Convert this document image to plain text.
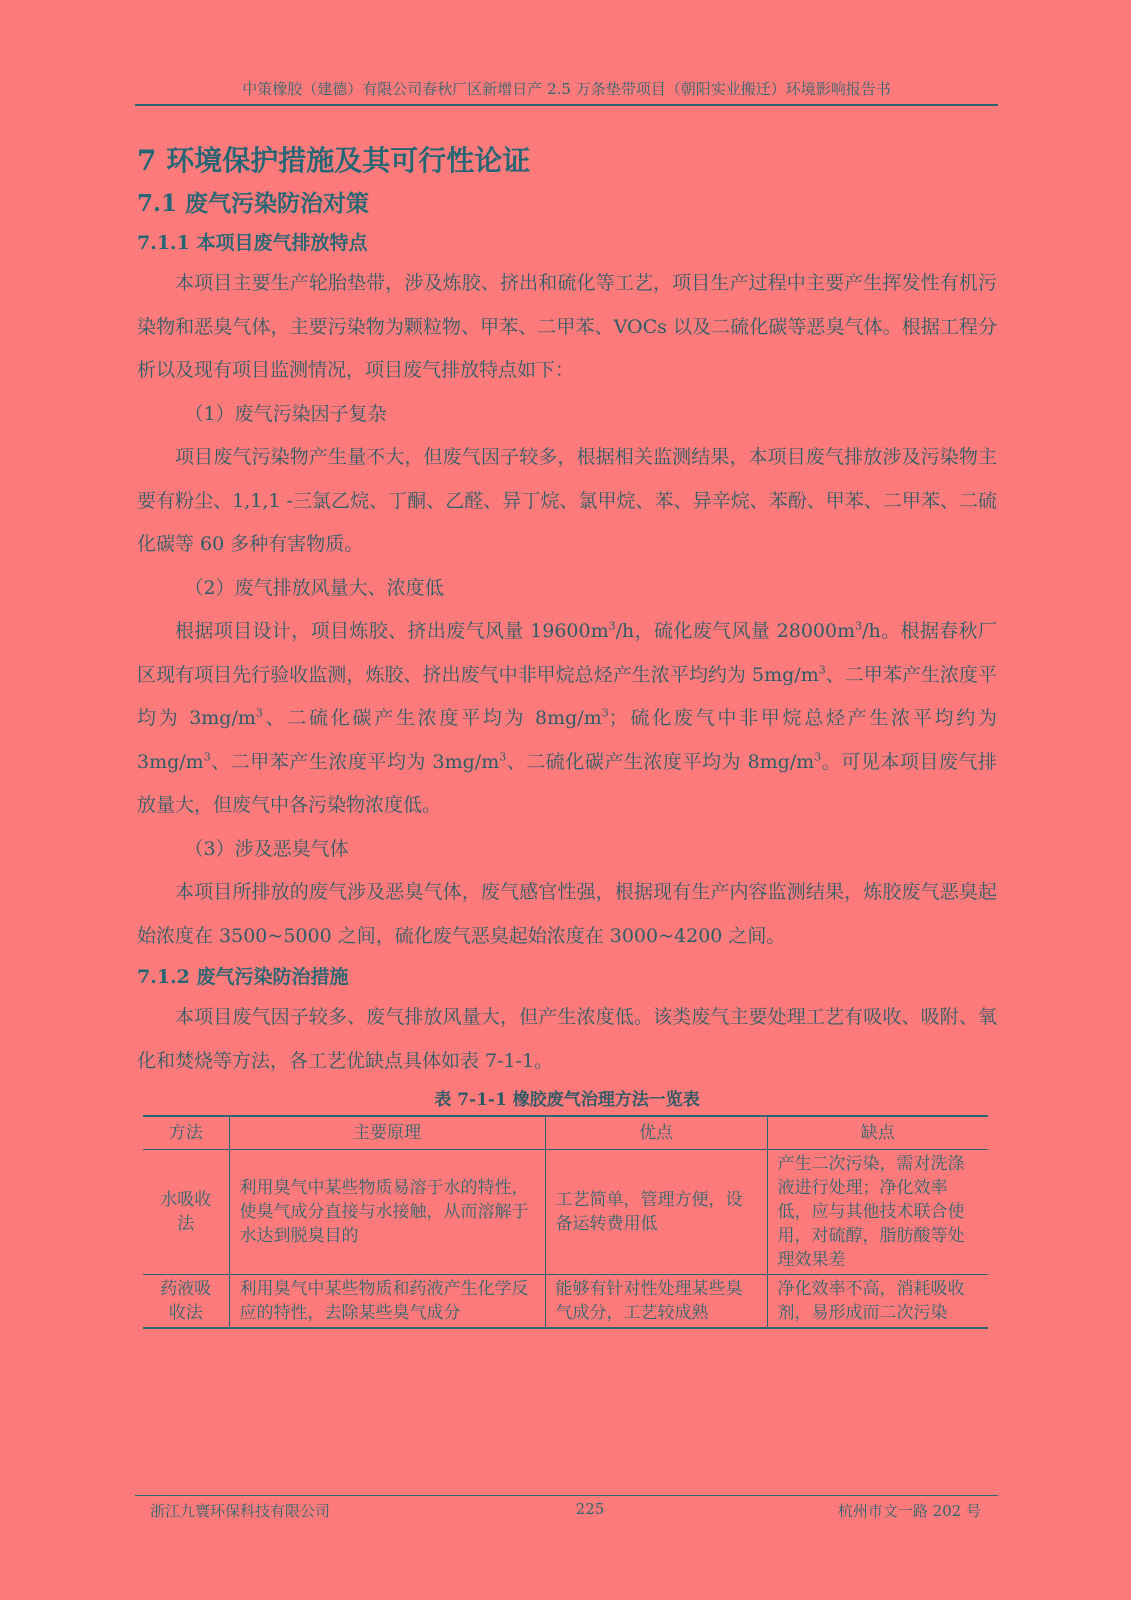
中策橡胶（建德）有限公司春秋厂区新增日产 2.5 万条垫带项目（朝阳实业搬迁）环境影响报告书
7 环境保护措施及其可行性论证
7.1 废气污染防治对策
7.1.1 本项目废气排放特点

本项目主要生产轮胎垫带，涉及炼胶、挤出和硫化等工艺，项目生产过程中主要产生挥发性有机污染物和恶臭气体，主要污染物为颗粒物、甲苯、二甲苯、VOCs 以及二硫化碳等恶臭气体。根据工程分析以及现有项目监测情况，项目废气排放特点如下：

（1）废气污染因子复杂

项目废气污染物产生量不大，但废气因子较多，根据相关监测结果，本项目废气排放涉及污染物主要有粉尘、1,1,1 -三氯乙烷、丁酮、乙醛、异丁烷、氯甲烷、苯、异辛烷、苯酚、甲苯、二甲苯、二硫化碳等 60 多种有害物质。

（2）废气排放风量大、浓度低

根据项目设计，项目炼胶、挤出废气风量 $19600m^3/h$，硫化废气风量 $28000m^3/h$。根据春秋厂区现有项目先行验收监测，炼胶、挤出废气中非甲烷总烃产生浓平均约为 $5mg/m^3$、二甲苯产生浓度平均为 $3mg/m^3$、二硫化碳产生浓度平均为 $8mg/m^3$；硫化废气中非甲烷总烃产生浓平均约为 $3mg/m^3$、二甲苯产生浓度平均为 $3mg/m^3$、二硫化碳产生浓度平均为 $8mg/m^3$。可见本项目废气排放量大，但废气中各污染物浓度低。

（3）涉及恶臭气体

本项目所排放的废气涉及恶臭气体，废气感官性强，根据现有生产内容监测结果，炼胶废气恶臭起始浓度在 3500~5000 之间，硫化废气恶臭起始浓度在 3000~4200 之间。

7.1.2 废气污染防治措施

本项目废气因子较多、废气排放风量大，但产生浓度低。该类废气主要处理工艺有吸收、吸附、氧化和焚烧等方法，各工艺优缺点具体如表 7-1-1。

表 7-1-1 橡胶废气治理方法一览表
方法	主要原理	优点	缺点
水吸收法	利用臭气中某些物质易溶于水的特性，使臭气成分直接与水接触，从而溶解于水达到脱臭目的	工艺简单，管理方便，设备运转费用低	产生二次污染，需对洗涤液进行处理；净化效率低，应与其他技术联合使用，对硫醇，脂肪酸等处理效果差
药液吸收法	利用臭气中某些物质和药液产生化学反应的特性，去除某些臭气成分	能够有针对性处理某些臭气成分，工艺较成熟	净化效率不高，消耗吸收剂，易形成而二次污染
浙江九寰环保科技有限公司	225	杭州市文一路 202 号
